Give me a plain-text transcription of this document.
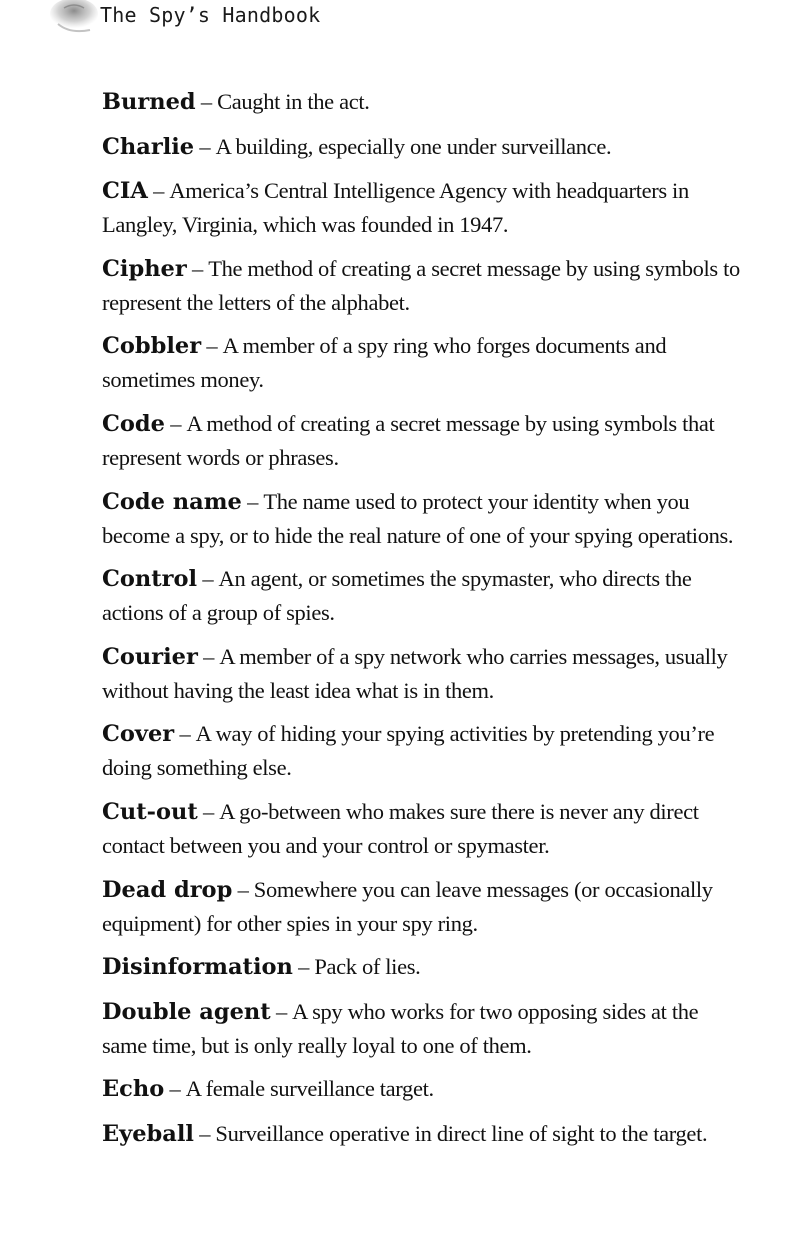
The Spy’s Handbook
Burned – Caught in the act.
Charlie – A building, especially one under surveillance.
CIA – America’s Central Intelligence Agency with headquarters in Langley, Virginia, which was founded in 1947.
Cipher – The method of creating a secret message by using symbols to represent the letters of the alphabet.
Cobbler – A member of a spy ring who forges documents and sometimes money.
Code – A method of creating a secret message by using symbols that represent words or phrases.
Code name – The name used to protect your identity when you become a spy, or to hide the real nature of one of your spying operations.
Control – An agent, or sometimes the spymaster, who directs the actions of a group of spies.
Courier – A member of a spy network who carries messages, usually without having the least idea what is in them.
Cover – A way of hiding your spying activities by pretending you’re doing something else.
Cut-out – A go-between who makes sure there is never any direct contact between you and your control or spymaster.
Dead drop – Somewhere you can leave messages (or occasionally equipment) for other spies in your spy ring.
Disinformation – Pack of lies.
Double agent – A spy who works for two opposing sides at the same time, but is only really loyal to one of them.
Echo – A female surveillance target.
Eyeball – Surveillance operative in direct line of sight to the target.
